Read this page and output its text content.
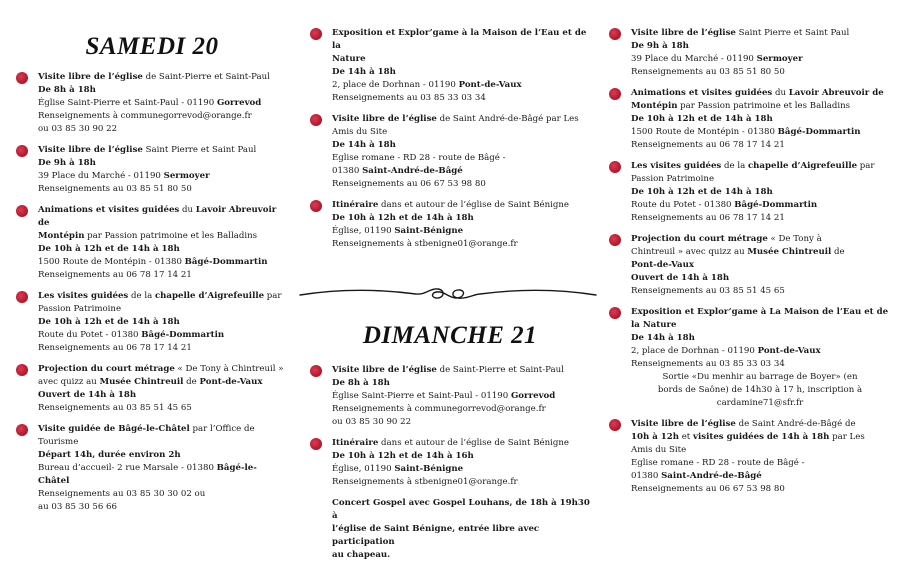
SAMEDI 20
Visite libre de l’église de Saint-Pierre et Saint-Paul
De 8h à 18h
Église Saint-Pierre et Saint-Paul - 01190 Gorrevod
Renseignements à communegorrevod@orange.fr
ou 03 85 30 90 22
Visite libre de l’église Saint Pierre et Saint Paul
De 9h à 18h
39 Place du Marché - 01190 Sermoyer
Renseignements au 03 85 51 80 50
Animations et visites guidées du Lavoir Abreuvoir de
Montépin par Passion patrimoine et les Balladins
De 10h à 12h et de 14h à 18h
1500 Route de Montépin - 01380 Bâgé-Dommartin
Renseignements au 06 78 17 14 21
Les visites guidées de la chapelle d’Aigrefeuille par
Passion Patrimoine
De 10h à 12h et de 14h à 18h
Route du Potet - 01380 Bâgé-Dommartin
Renseignements au 06 78 17 14 21
Projection du court métrage « De Tony à Chintreuil »
avec quizz au Musée Chintreuil de Pont-de-Vaux
Ouvert de 14h à 18h
Renseignements au 03 85 51 45 65
Visite guidée de Bâgé-le-Châtel par l’Office de
Tourisme
Départ 14h, durée environ 2h
Bureau d’accueil- 2 rue Marsale - 01380 Bâgé-le-
Châtel
Renseignements au 03 85 30 30 02 ou
au 03 85 30 56 66
Exposition et Explor’game à la Maison de l’Eau et de la
Nature
De 14h à 18h
2, place de Dorhnan - 01190 Pont-de-Vaux
Renseignements au 03 85 33 03 34
Visite libre de l’église de Saint André-de-Bâgé par Les
Amis du Site
De 14h à 18h
Eglise romane - RD 28 - route de Bâgé -
01380 Saint-André-de-Bâgé
Renseignements au 06 67 53 98 80
Itinéraire dans et autour de l’église de Saint Bénigne
De 10h à 12h et de 14h à 18h
Église, 01190 Saint-Bénigne
Renseignements à stbenigne01@orange.fr
DIMANCHE 21
Visite libre de l’église de Saint-Pierre et Saint-Paul
De 8h à 18h
Église Saint-Pierre et Saint-Paul - 01190 Gorrevod
Renseignements à communegorrevod@orange.fr
ou 03 85 30 90 22
Itinéraire dans et autour de l’église de Saint Bénigne
De 10h à 12h et de 14h à 16h
Église, 01190 Saint-Bénigne
Renseignements à stbenigne01@orange.fr
Concert Gospel avec Gospel Louhans, de 18h à 19h30 à
l’église de Saint Bénigne, entrée libre avec participation
au chapeau.
Visite libre de l’église Saint Pierre et Saint Paul
De 9h à 18h
39 Place du Marché - 01190 Sermoyer
Renseignements au 03 85 51 80 50
Animations et visites guidées du Lavoir Abreuvoir de
Montépin par Passion patrimoine et les Balladins
De 10h à 12h et de 14h à 18h
1500 Route de Montépin - 01380 Bâgé-Dommartin
Renseignements au 06 78 17 14 21
Les visites guidées de la chapelle d’Aigrefeuille par
Passion Patrimoine
De 10h à 12h et de 14h à 18h
Route du Potet - 01380 Bâgé-Dommartin
Renseignements au 06 78 17 14 21
Projection du court métrage « De Tony à
Chintreuil » avec quizz au Musée Chintreuil de
Pont-de-Vaux
Ouvert de 14h à 18h
Renseignements au 03 85 51 45 65
Exposition et Explor’game à La Maison de l’Eau et de
la Nature
De 14h à 18h
2, place de Dorhnan - 01190 Pont-de-Vaux
Renseignements au 03 85 33 03 34
Sortie «Du menhir au barrage de Boyer» (en
bords de Saône) de 14h30 à 17 h, inscription à
cardamine71@sfr.fr
Visite libre de l’église de Saint André-de-Bâgé de
10h à 12h et visites guidées de 14h à 18h par Les
Amis du Site
Eglise romane - RD 28 - route de Bâgé -
01380 Saint-André-de-Bâgé
Renseignements au 06 67 53 98 80
